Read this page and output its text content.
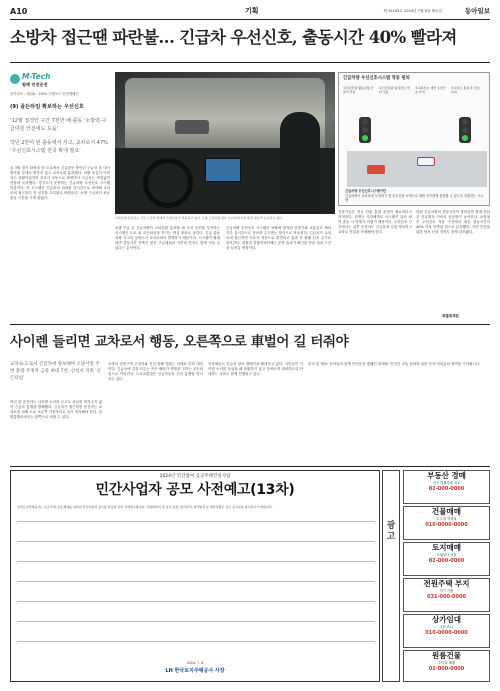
A10	기획	제 31105호 2024년 7월 8일 월요일	동아일보
소방차 접근땐 파란불… 긴급차 우선신호, 출동시간 40% 빨라져
M-Tech
함께 안전운전
동아일보 · 채널A · 2024 시행모드 안전캠페인
(9) 골든타임 확보하는 우선신호
‘12월 접경인 구간 7천만 배 출동 ‘소방력-구급대원 안전에도 도움’
작년 2만여 번 출동에서 사고, 교차로서 47% ‘우선신호시스템 전국 확대 필요’
올 3월 경기 화성의 한 도로에서 긴급출동 중이던 구급차 한 대가 빨간불 앞에서 멈추지 않고 교차로를 통과했다. 차량 흐름이 이어지는 상황이었지만 신호가 자동으로 바뀌면서 구급차는 막힘없이 현장에 도착했다. 경기도가 운영하는 긴급차량 우선신호 시스템 덕분이다. 이 시스템은 긴급차의 위치를 실시간으로 파악해 교차로에 접근하기 전 신호를 초록불로 바꿔준다. 소방 구급차의 평균 출동 시간을 크게 줄였다.
소방·구급 등 긴급차량이 교차로를 통과할 때 우선 신호를 부여하는 시스템은 도로 위 골든타임을 지키는 핵심 장치로 꼽힌다. 긴급 출동 차량 사고의 상당수가 교차로에서 발생하기 때문이다. 시스템이 확대되면 출동시간 단축은 물론 구급대원과 시민의 안전도 함께 지킬 수 있다는 분석이다.
긴급차량 우선신호 시스템은 차량에 장착된 단말기와 교통신호 제어기가 실시간으로 정보를 주고받는 방식으로 작동한다. 긴급차가 교차로에 접근하면 신호가 자동으로 변경되고 통과 후 원래 신호 주기로 돌아간다. 경찰과 지방자치단체는 운영 효과가 확인된 만큼 설치 구간을 늘려갈 방침이다.
전문가들은 전국 단위 통합 운영이 필요하다고 지적한다. 현재는 지자체별로 시스템이 달라 광역 출동 시 연계가 어렵기 때문이다. 우선신호 구간에서는 일반 운전자도 긴급차에 길을 양보하고 교차로 진입을 자제해야 한다.
한편 긴급차량의 출동시간이 줄어들면 화재 진압과 응급환자 이송의 성공률이 높아진다. 소방청은 우선신호 적용 구간에서 평균 출동시간이 40% 이상 단축된 것으로 분석했다. 시민 안전을 위한 양보 문화 정착도 함께 강조됐다.
교차로에 진입하는 긴급 구급차 앞에서 우선신호가 작동하고 있다. 소방 구급차량 내부 모니터에 신호 변경 정보가 표시되고 있다.
긴급차량 우선신호시스템 작동 원리
①긴급차량 출동지령 단말기 작동
②긴급차량 위치정보 센터 전송
③교통신호 제어 우선신호 부여
④교차로 통과 후 신호 복귀
긴급차량 우선신호시스템이란
긴급차량이 교차로에 도착하기 전 신호등을 녹색으로 바꿔 신속하게 통과할 수 있도록 지원하는 시스템
특별취재팀
사이렌 들리면 교차로서 행동, 오른쪽으로 車벌어 길 터줘야
교차로·도로서 긴급차에 양보해야 소방서앞 주변 불법 주정차 금물 최대 7천. 신청서 지원 ‘골든타임’
작년 한 운전자는 사이렌 소리를 듣고도 차로를 비켜주지 않아 긴급차 통행을 방해했다. 긴급차가 접근하면 운전자는 교차로를 피해 도로 오른쪽 가장자리로 일시 정지해야 한다. 일방통행로에서는 왼쪽으로 피할 수 있다.
소방차 전용구역 주정차와 진입 방해 행위는 과태료 부과 대상이다. 긴급차에 길을 터주는 작은 배려가 생명을 구하는 골든타임으로 이어진다. 도로교통법은 긴급자동차 우선 통행을 명시하고 있다.
지자체들도 긴급차 양보 캠페인을 확대하고 있다. 시민들이 사이렌 소리를 들었을 때 당황하지 않고 올바르게 대처하도록 안내하는 교육도 함께 진행되고 있다.
문의 및 제보: 동아일보 함께 안전운전 캠페인 취재팀. 안전한 교통 문화를 위한 독자 여러분의 참여를 기다립니다.
2024년 민간참여 공공주택건설사업
민간사업자 공모 사전예고(13차)
한국토지주택공사는 공공주택 공급 확대를 위하여 민간사업자 공모를 다음과 같이 사전예고합니다. 사업대상지 및 공모 일정, 참가자격, 평가방식 등 세부사항은 공모 공고문을 참고하시기 바랍니다.
2024. 7. 8
LH 한국토지주택공사 사장
광고
부동산 경매
전국 법원경매 정보
02-000-0000
건물매매
수도권 역세권
010-0000-0000
토지매매
시세보다 저렴
02-000-0000
전원주택 부지
경기 가평
031-000-0000
상가임대
1층 코너
010-0000-0000
원룸건물
수익형 매매
02-000-0000
